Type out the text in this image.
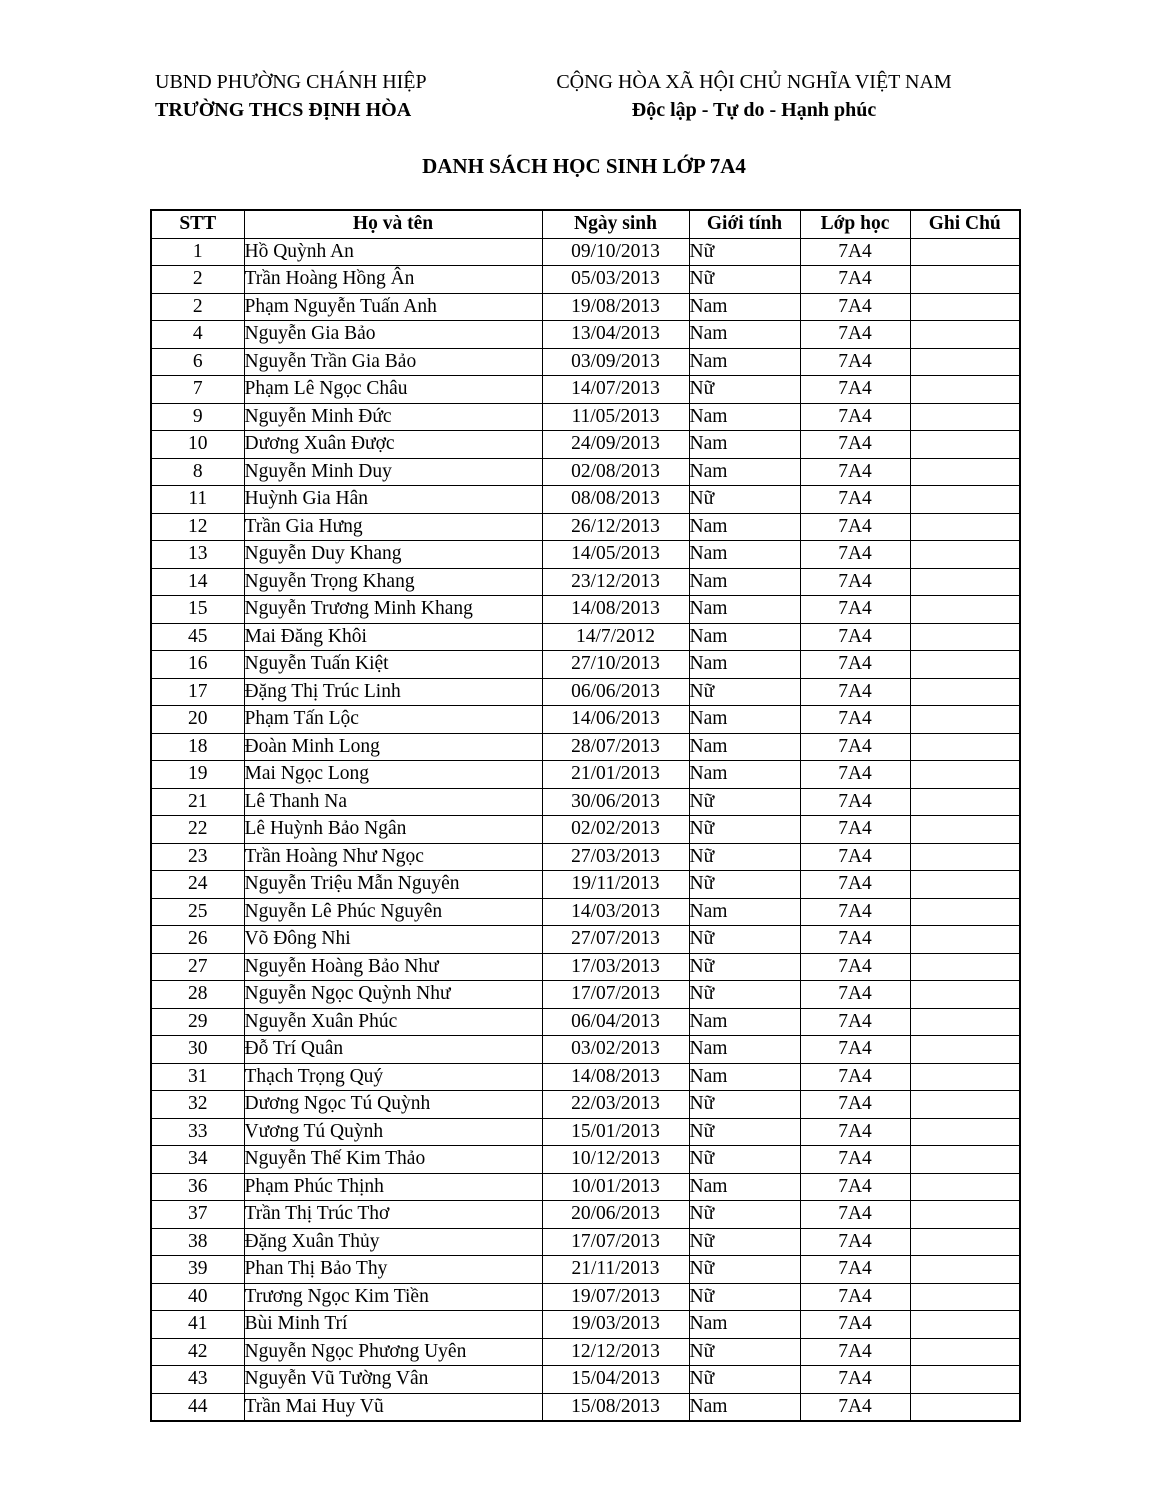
UBND PHƯỜNG CHÁNH HIỆP
TRƯỜNG THCS ĐỊNH HÒA
CỘNG HÒA XÃ HỘI CHỦ NGHĨA VIỆT NAM
Độc lập - Tự do - Hạnh phúc
DANH SÁCH HỌC SINH LỚP 7A4
STT	Họ và tên	Ngày sinh	Giới tính	Lớp học	Ghi Chú
1	Hồ Quỳnh An	09/10/2013	Nữ	7A4	
2	Trần Hoàng Hồng Ân	05/03/2013	Nữ	7A4	
2	Phạm Nguyễn Tuấn Anh	19/08/2013	Nam	7A4	
4	Nguyễn Gia Bảo	13/04/2013	Nam	7A4	
6	Nguyễn Trần Gia Bảo	03/09/2013	Nam	7A4	
7	Phạm Lê Ngọc Châu	14/07/2013	Nữ	7A4	
9	Nguyễn Minh Đức	11/05/2013	Nam	7A4	
10	Dương Xuân Được	24/09/2013	Nam	7A4	
8	Nguyễn Minh Duy	02/08/2013	Nam	7A4	
11	Huỳnh Gia Hân	08/08/2013	Nữ	7A4	
12	Trần Gia Hưng	26/12/2013	Nam	7A4	
13	Nguyễn Duy Khang	14/05/2013	Nam	7A4	
14	Nguyễn Trọng Khang	23/12/2013	Nam	7A4	
15	Nguyễn Trương Minh Khang	14/08/2013	Nam	7A4	
45	Mai Đăng Khôi	14/7/2012	Nam	7A4	
16	Nguyễn Tuấn Kiệt	27/10/2013	Nam	7A4	
17	Đặng Thị Trúc Linh	06/06/2013	Nữ	7A4	
20	Phạm Tấn Lộc	14/06/2013	Nam	7A4	
18	Đoàn Minh Long	28/07/2013	Nam	7A4	
19	Mai Ngọc Long	21/01/2013	Nam	7A4	
21	Lê Thanh Na	30/06/2013	Nữ	7A4	
22	Lê Huỳnh Bảo Ngân	02/02/2013	Nữ	7A4	
23	Trần Hoàng Như Ngọc	27/03/2013	Nữ	7A4	
24	Nguyễn Triệu Mẫn Nguyên	19/11/2013	Nữ	7A4	
25	Nguyễn Lê Phúc Nguyên	14/03/2013	Nam	7A4	
26	Võ Đông Nhi	27/07/2013	Nữ	7A4	
27	Nguyễn Hoàng Bảo Như	17/03/2013	Nữ	7A4	
28	Nguyễn Ngọc Quỳnh Như	17/07/2013	Nữ	7A4	
29	Nguyễn Xuân Phúc	06/04/2013	Nam	7A4	
30	Đỗ Trí Quân	03/02/2013	Nam	7A4	
31	Thạch Trọng Quý	14/08/2013	Nam	7A4	
32	Dương Ngọc Tú Quỳnh	22/03/2013	Nữ	7A4	
33	Vương Tú Quỳnh	15/01/2013	Nữ	7A4	
34	Nguyễn Thế Kim Thảo	10/12/2013	Nữ	7A4	
36	Phạm Phúc Thịnh	10/01/2013	Nam	7A4	
37	Trần Thị Trúc Thơ	20/06/2013	Nữ	7A4	
38	Đặng Xuân Thủy	17/07/2013	Nữ	7A4	
39	Phan Thị Bảo Thy	21/11/2013	Nữ	7A4	
40	Trương Ngọc Kim Tiền	19/07/2013	Nữ	7A4	
41	Bùi Minh Trí	19/03/2013	Nam	7A4	
42	Nguyễn Ngọc Phương Uyên	12/12/2013	Nữ	7A4	
43	Nguyễn Vũ Tường Vân	15/04/2013	Nữ	7A4	
44	Trần Mai Huy Vũ	15/08/2013	Nam	7A4	
